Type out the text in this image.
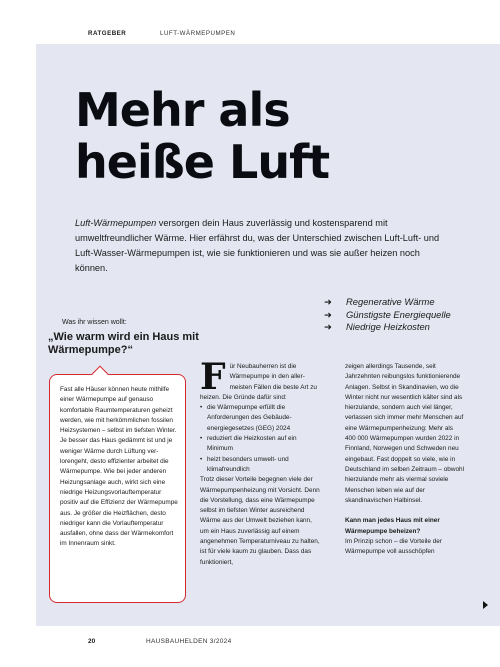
RATGEBER	LUFT-WÄRMEPUMPEN
Mehr als
heiße Luft

Luft-Wärmepumpen versorgen dein Haus zuverlässig und kostensparend mit umweltfreundlicher Wärme. Hier erfährst du, was der Unterschied zwischen Luft-Luft- und Luft-Wasser-Wärmepumpen ist, wie sie funktionieren und was sie außer heizen noch können.

➜ Regenerative Wärme
➜ Günstigste Energiequelle
➜ Niedrige Heizkosten
Was ihr wissen wollt:

„Wie warm wird ein Haus mit Wärmepumpe?“

Fast alle Häuser können heute mithilfe einer Wärmepumpe auf genauso komfortable Raumtemperaturen geheizt werden, wie mit herkömmlichen fossilen Heizsystemen – selbst im tiefsten Winter. Je besser das Haus gedämmt ist und je weniger Wärme durch Lüftung verlorengeht, desto effizienter arbeitet die Wärmepumpe. Wie bei jeder anderen Heizungsanlage auch, wirkt sich eine niedrige Heizungsvorlauftemperatur positiv auf die Effizienz der Wärmepumpe aus. Je größer die Heizflächen, desto niedriger kann die Vorlauftemperatur ausfallen, ohne dass der Wärmekomfort im Innenraum sinkt.

Für Neubauherren ist die Wärmepumpe in den allermeisten Fällen die beste Art zu heizen. Die Gründe dafür sind:

• die Wärmepumpe erfüllt die Anforderungen des Gebäudeenergiegesetzes (GEG) 2024
• reduziert die Heizkosten auf ein Minimum
• heizt besonders umwelt- und klimafreundlich

Trotz dieser Vorteile begegnen viele der Wärmepumpenheizung mit Vorsicht. Denn die Vorstellung, dass eine Wärmepumpe selbst im tiefsten Winter ausreichend Wärme aus der Umwelt beziehen kann, um ein Haus zuverlässig auf einem angenehmen Temperaturniveau zu halten, ist für viele kaum zu glauben. Dass das funktioniert,

zeigen allerdings Tausende, seit Jahrzehnten reibungslos funktionierende Anlagen. Selbst in Skandinavien, wo die Winter nicht nur wesentlich kälter sind als hierzulande, sondern auch viel länger, verlassen sich immer mehr Menschen auf eine Wärmepumpenheizung: Mehr als 400 000 Wärmepumpen wurden 2022 in Finnland, Norwegen und Schweden neu eingebaut. Fast doppelt so viele, wie in Deutschland im selben Zeitraum – obwohl hierzulande mehr als viermal soviele Menschen leben wie auf der skandinavischen Halbinsel.

Kann man jedes Haus mit einer Wärmepumpe beheizen?

Im Prinzip schon – die Vorteile der Wärmepumpe voll ausschöpfen

20	HAUSBAUHELDEN 3/2024
